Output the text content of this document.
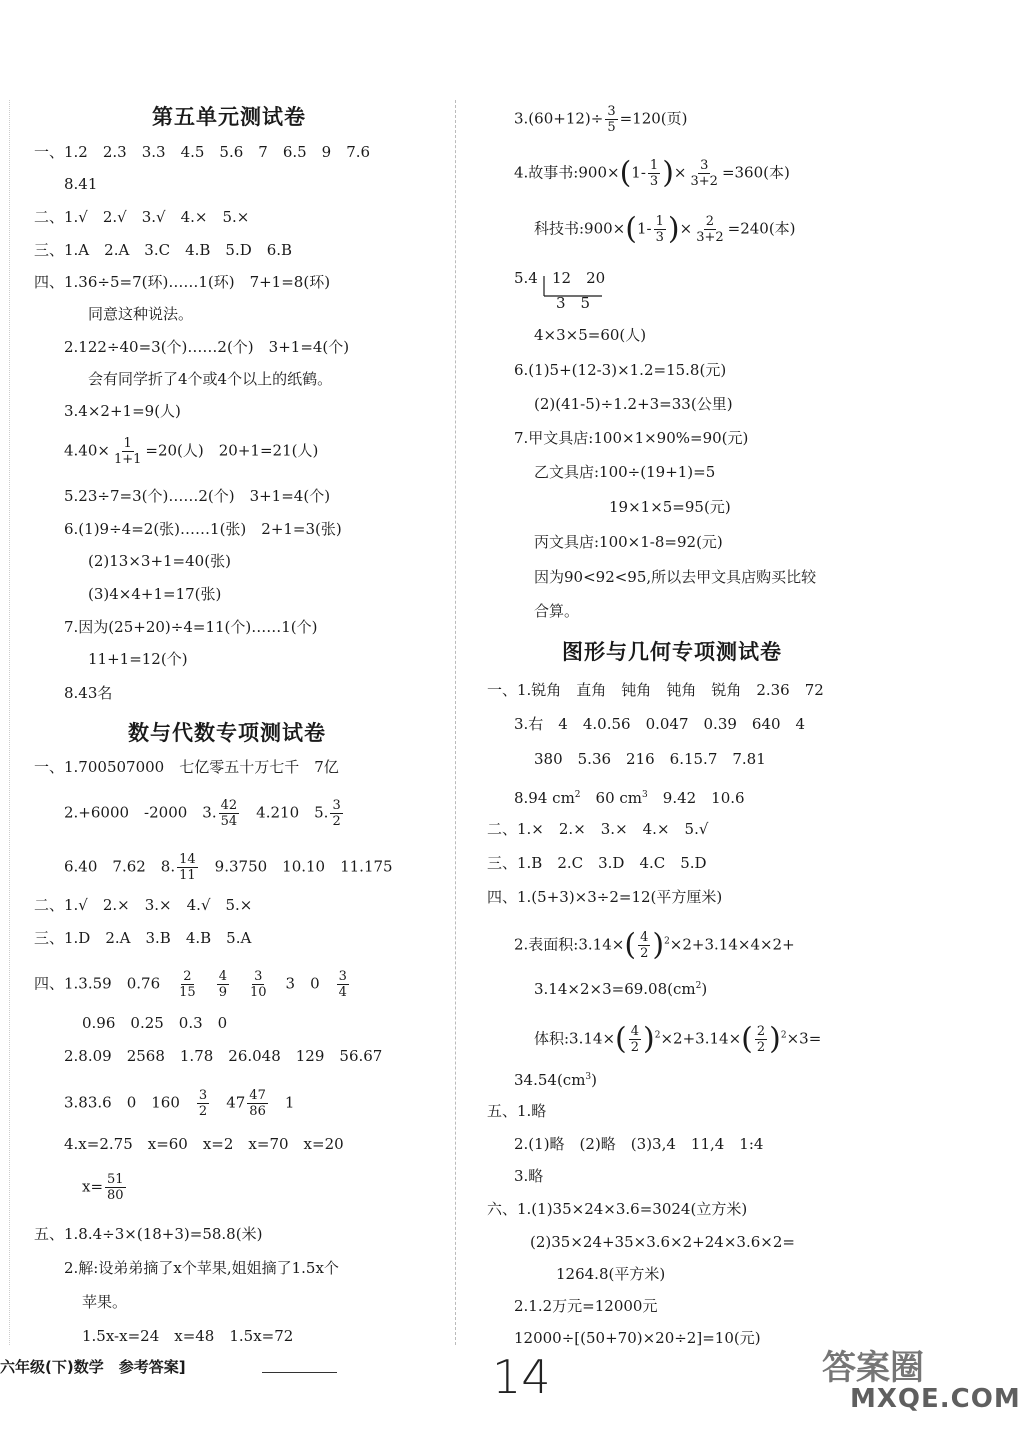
第五单元测试卷
一、1.2　2.3　3.3　4.5　5.6　7　6.5　9　7.6
8.41
二、1.√　2.√　3.√　4.×　5.×
三、1.A　2.A　3.C　4.B　5.D　6.B
四、1.36÷5=7(环)……1(环)　7+1=8(环)
同意这种说法。
2.122÷40=3(个)……2(个)　3+1=4(个)
会有同学折了4个或4个以上的纸鹤。
3.4×2+1=9(人)
$4.40\times \frac{1}{1+1} =20$(人)　20+1=21(人)
5.23÷7=3(个)……2(个)　3+1=4(个)
6.(1)9÷4=2(张)……1(张)　2+1=3(张)
(2)13×3+1=40(张)
(3)4×4+1=17(张)
7.因为(25+20)÷4=11(个)……1(个)
11+1=12(个)
8.43名
数与代数专项测试卷
一、1.700507000　七亿零五十万七千　7亿
2.+6000　-2000　3. $\frac{42}{54}$
　 4.210　5. $\frac{3}{2}$
6.40　7.62　8. $\frac{14}{11}$
　 9.3750　10.10　11.175
二、1.√　2.×　3.×　4.√　5.×
三、1.D　2.A　3.B　4.B　5.A
四、1.3.59　0.76　 $\frac{2}{15}$
　 $\frac{4}{9}$
　 $\frac{3}{10}$
　 3　0　 $\frac{3}{4}$
0.96　0.25　0.3　0
2.8.09　2568　1.78　26.048　129　56.67
3.83.6　0　160　 $\frac{3}{2}$
　 $47 \frac{47}{86}$
　 1
4.x=2.75　x=60　x=2　x=70　x=20
$x= \frac{51}{80}$
五、1.8.4÷3×(18+3)=58.8(米)
2.解:设弟弟摘了x个苹果,姐姐摘了1.5x个
苹果。
1.5x-x=24　x=48　1.5x=72
$3.(60+12)\div \frac{3}{5} =120$(页)
4.故事书:900×(1- $\frac{1}{3}$ )× $\frac{3}{3+2} =360$(本)
科技书:900×(1- $\frac{1}{3}$ )× $\frac{2}{3+2} =240$(本)
5.4 12　20
3　5
4×3×5=60(人)
6.(1)5+(12-3)×1.2=15.8(元)
(2)(41-5)÷1.2+3=33(公里)
7.甲文具店:100×1×90%=90(元)
乙文具店:100÷(19+1)=5
19×1×5=95(元)
丙文具店:100×1-8=92(元)
因为90<92<95,所以去甲文具店购买比较
合算。
图形与几何专项测试卷
一、1.锐角　直角　钝角　钝角　锐角　2.36　72
3.右　4　4.0.56　0.047　0.39　640　4
380　5.36　216　6.15.7　7.81
8.94 $cm^2$　 60 $cm^3$　 9.42　10.6
二、1.×　2.×　3.×　4.×　5.√
三、1.B　2.C　3.D　4.C　5.D
四、1.(5+3)×3÷2=12(平方厘米)
2.表面积:3.14×( $\frac{4}{2} )^2\times 2+3.14\times 4\times 2+$
$3.14\times 2\times 3=69.08(cm^2)$
体积:3.14×( $\frac{4}{2} )^2\times 2+3.14\times( \frac{2}{2} )^2\times 3=$
$34.54(cm^3)$
五、1.略
2.(1)略　(2)略　(3)3,4　11,4　1:4
3.略
六、1.(1)35×24×3.6=3024(立方米)
(2)35×24+35×3.6×2+24×3.6×2=
1264.8(平方米)
2.1.2万元=12000元
12000÷[(50+70)×20÷2]=10(元)
六年级(下)数学　参考答案]	14	答案圈
MXQE.COM
